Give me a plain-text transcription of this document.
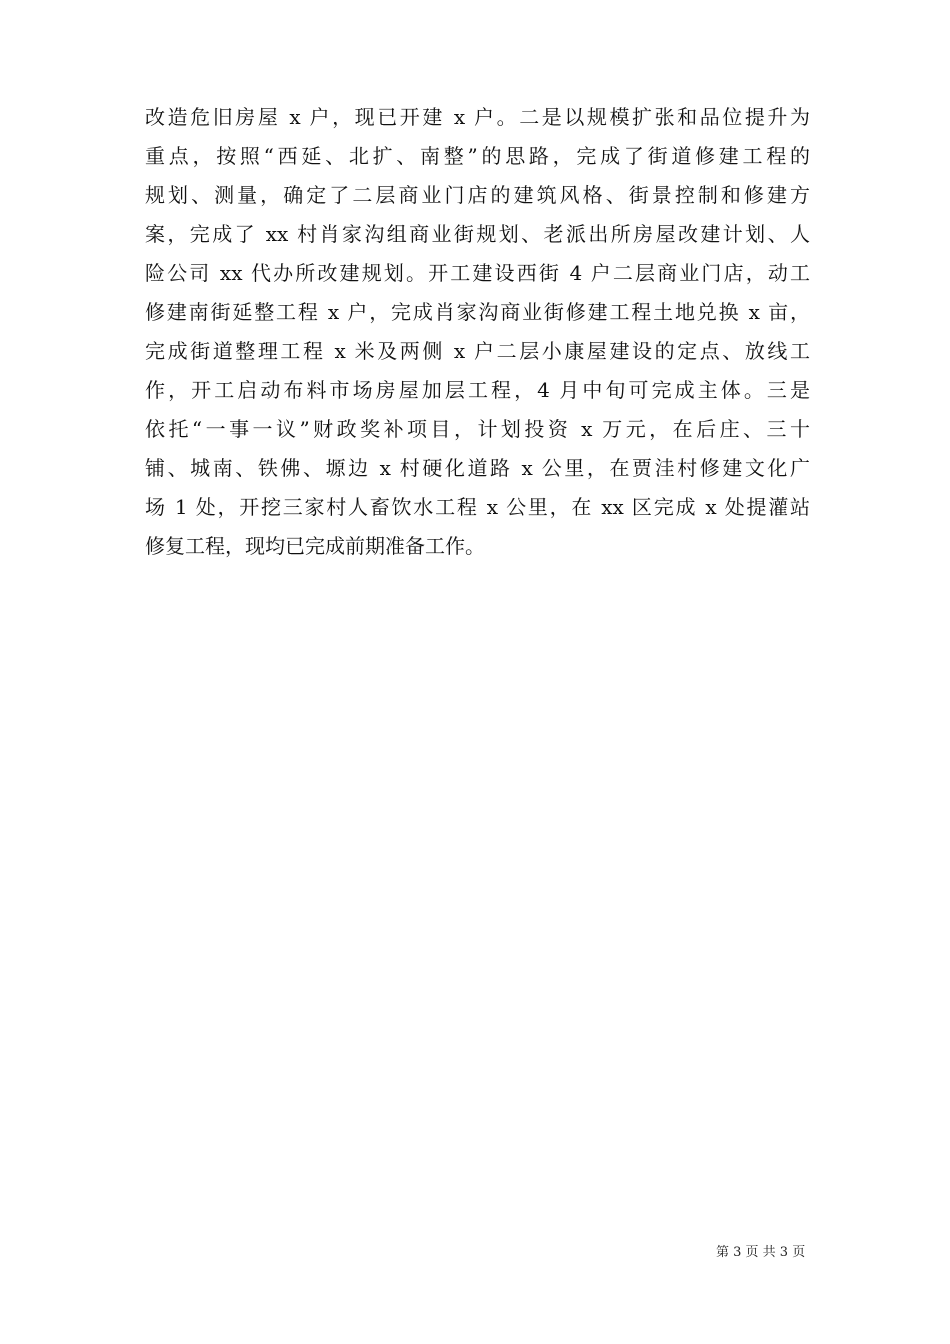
改造危旧房屋 x 户，现已开建 x 户。二是以规模扩张和品位提升为
重点，按照“西延、北扩、南整”的思路，完成了街道修建工程的
规划、测量，确定了二层商业门店的建筑风格、街景控制和修建方
案，完成了 xx 村肖家沟组商业街规划、老派出所房屋改建计划、人
险公司 xx 代办所改建规划。开工建设西街 4 户二层商业门店，动工
修建南街延整工程 x 户，完成肖家沟商业街修建工程土地兑换 x 亩，
完成街道整理工程 x 米及两侧 x 户二层小康屋建设的定点、放线工
作，开工启动布料市场房屋加层工程，4 月中旬可完成主体。三是
依托“一事一议”财政奖补项目，计划投资 x 万元，在后庄、三十
铺、城南、铁佛、塬边 x 村硬化道路 x 公里，在贾洼村修建文化广
场 1 处，开挖三家村人畜饮水工程 x 公里，在 xx 区完成 x 处提灌站
修复工程，现均已完成前期准备工作。
第 3 页 共 3 页
